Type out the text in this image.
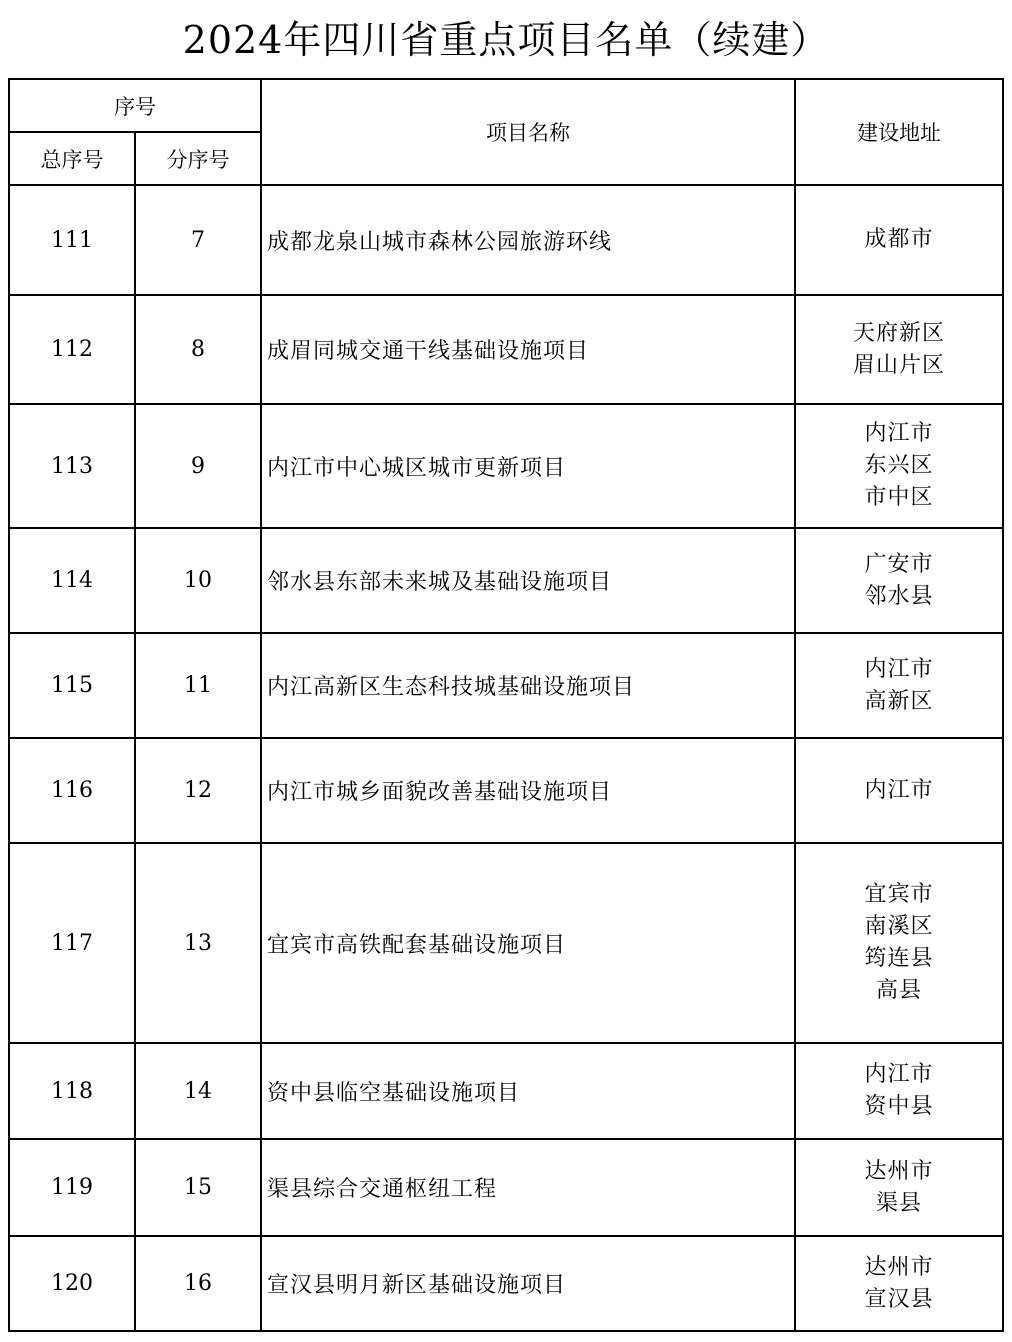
2024年四川省重点项目名单（续建）
序号		项目名称	建设地址
总序号	分序号		
111	7	成都龙泉山城市森林公园旅游环线	成都市

112	8	成眉同城交通干线基础设施项目	天府新区
眉山片区

113	9	内江市中心城区城市更新项目	内江市
东兴区
市中区

114	10	邻水县东部未来城及基础设施项目	广安市
邻水县

115	11	内江高新区生态科技城基础设施项目	内江市
高新区

116	12	内江市城乡面貌改善基础设施项目	内江市

117	13	宜宾市高铁配套基础设施项目	宜宾市
南溪区
筠连县
高县

118	14	资中县临空基础设施项目	内江市
资中县

119	15	渠县综合交通枢纽工程	达州市
渠县

120	16	宣汉县明月新区基础设施项目	达州市
宣汉县
